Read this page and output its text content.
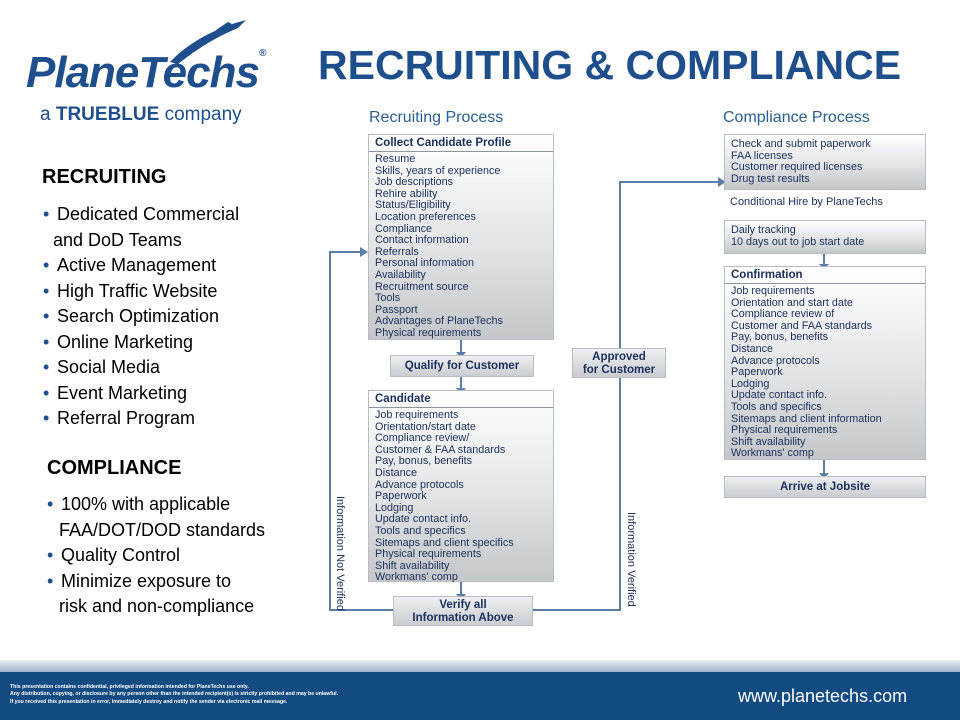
PlaneTechs®
a TRUEBLUE company
RECRUITING & COMPLIANCE
RECRUITING
• Dedicated Commercial
and DoD Teams
• Active Management
• High Traffic Website
• Search Optimization
• Online Marketing
• Social Media
• Event Marketing
• Referral Program
COMPLIANCE
• 100% with applicable
FAA/DOT/DOD standards
• Quality Control
• Minimize exposure to
risk and non-compliance
Recruiting Process	Compliance Process
Collect Candidate Profile
Resume
Skills, years of experience
Job descriptions
Rehire ability
Status/Eligibility
Location preferences
Compliance
Contact information
Referrals
Personal information
Availability
Recruitment source
Tools
Passport
Advantages of PlaneTechs
Physical requirements
Qualify for Customer
Candidate
Job requirements
Orientation/start date
Compliance review/
Customer & FAA standards
Pay, bonus, benefits
Distance
Advance protocols
Paperwork
Lodging
Update contact info.
Tools and specifics
Sitemaps and client specifics
Physical requirements
Shift availability
Workmans' comp
Verify all
Information Above
Information Not Verified	Information Verified
Approved
for Customer
Check and submit paperwork
FAA licenses
Customer required licenses
Drug test results
Conditional Hire by PlaneTechs
Daily tracking
10 days out to job start date
Confirmation
Job requirements
Orientation and start date
Compliance review of
Customer and FAA standards
Pay, bonus, benefits
Distance
Advance protocols
Paperwork
Lodging
Update contact info.
Tools and specifics
Sitemaps and client information
Physical requirements
Shift availability
Workmans' comp
Arrive at Jobsite
This presentation contains confidential, privileged information intended for PlaneTechs use only.
Any distribution, copying, or disclosure by any person other than the intended recipient(s) is strictly prohibited and may be unlawful.
If you received this presentation in error, immediately destroy and notify the sender via electronic mail message.	www.planetechs.com
